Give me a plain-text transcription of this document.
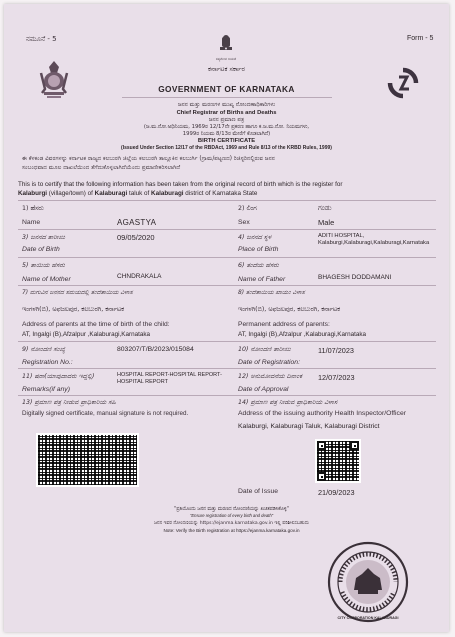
ನಮೂನೆ - 5	Form - 5
ಸತ್ಯಮೇವ ಜಯತೆ
ಕರ್ನಾಟಕ ಸರ್ಕಾರ
GOVERNMENT OF KARNATAKA
ಜನನ ಮತ್ತು ಮರಣಗಳ ಮುಖ್ಯ ನೋಂದಣಾಧಿಕಾರಿಗಳು
Chief Registrar of Births and Deaths
ಜನನ ಪ್ರಮಾಣ ಪತ್ರ
(ಜ.ಮ.ನೋ.ಅಧಿನಿಯಮ, 1969ರ 12/17ನೇ ಪ್ರಕರಣ ಹಾಗೂ ಕ.ಜ.ಮ.ನೋ. ನಿಯಮಗಳು,
1999ರ ನಿಯಮ 8/13ರ ಮೇರೆಗೆ ಕೊಡಲಾಗಿದೆ)
BIRTH CERTIFICATE
(Issued Under Section 12/17 of the RBDAct, 1969 and Rule 8/13 of the KRBD Rules, 1999)
ಈ ಕೆಳಕಂಡ ವಿವರಗಳನ್ನು ಕರ್ನಾಟಕ ರಾಜ್ಯದ ಕಲಬುರಗಿ ಜಿಲ್ಲೆಯ ಕಲಬುರಗಿ ತಾಲ್ಲೂಕಿನ ಕಲಬುರ್ಗಿ (ಗ್ರಾಮ/ಪಟ್ಟಣದ) ರಿಜಿಸ್ಟರಿನಲ್ಲಿರುವ ಜನನ
ಸಂಬಂಧವಾದ ಮೂಲ ದಾಖಲೆಯಿಂದ ತೆಗೆದುಕೊಳ್ಳಲಾಗಿದೆಯೆಂದು ಪ್ರಮಾಣೀಕರಿಸಲಾಗಿದೆ
This is to certify that the following information has been taken from the original record of birth which is the register for
Kalaburgi (village/town) of Kalaburagi taluk of Kalaburagi district of Karnataka State
1) ಹೆಸರು
Name	AGASTYA
2) ಲಿಂಗ	ಗಂಡು
Sex	Male
3) ಜನನದ ತಾರೀಖು	09/05/2020
Date of Birth
4) ಜನನದ ಸ್ಥಳ
Place of Birth
ADITI HOSPITAL, Kalaburgi,Kalaburagi,Kalaburagi,Karnataka
5) ತಾಯಿಯ ಹೆಸರು
Name of Mother	CHNDRAKALA
6) ತಂದೆಯ ಹೆಸರು
Name of Father	BHAGESH DODDAMANI
7) ಮಗುವಿನ ಜನನದ ಸಮಯದಲ್ಲಿ ತಂದೆತಾಯಿಯ ವಿಳಾಸ
ಇಂಗಳಗಿ(ಬಿ), ಅಫಜಲಪುರ, ಕಲಬುರಗಿ, ಕರ್ನಾಟಕ
Address of parents at the time of birth of the child:
AT, Ingalgi (B),Afzalpur ,Kalaburagi,Karnataka
8) ತಂದೆತಾಯಿಯ ಖಾಯಂ ವಿಳಾಸ
ಇಂಗಳಗಿ(ಬಿ), ಅಫಜಲಪುರ, ಕಲಬುರಗಿ, ಕರ್ನಾಟಕ
Permanent address of parents:
AT, Ingalgi (B),Afzalpur ,Kalaburagi,Karnataka
9) ನೋಂದಣಿ ಸಂಖ್ಯೆ	803207/T/B/2023/015084
Registration No.:
10) ನೋಂದಣಿ ತಾರೀಖು	11/07/2023
Date of Registration:
11) ಷರಾ(ಯಾವುದಾದರು ಇದ್ದಲ್ಲಿ)
Remarks(if any)
HOSPITAL REPORT-HOSPITAL REPORT-HOSPITAL REPORT
12) ಅನುಮೋದನೆಯ ದಿನಾಂಕ 12/07/2023
Date of Approval
13) ಪ್ರಮಾಣ ಪತ್ರ ನೀಡುವ ಪ್ರಾಧಿಕಾರಿಯ ಸಹಿ
Digitally signed certificate, manual signature is not required.
14) ಪ್ರಮಾಣ ಪತ್ರ ನೀಡುವ ಪ್ರಾಧಿಕಾರಿಯ ವಿಳಾಸ
Address of the issuing authority Health Inspector/Officer
Kalaburgi, Kalaburagi Taluk, Kalaburagi District
Date of Issue	21/09/2023
"ಪ್ರತಿಯೊಂದು ಜನನ ಮತ್ತು ಮರಣದ ನೋಂದಣಿಯನ್ನು ಖಚಿತಪಡಿಸಿಕೊಳ್ಳಿ"
"Ensure registration of every birth and death"
ಜನನ ಇವರ ನೋಂದಣಿಯನ್ನು https://ejanma.karnataka.gov.in ಇಲ್ಲಿ ಪರಿಶೀಲಿಸಬಹುದು
Note: Verify the Birth registration at https://ejanma.karnataka.gov.in
CITY CORPORATION KALABURAGI
